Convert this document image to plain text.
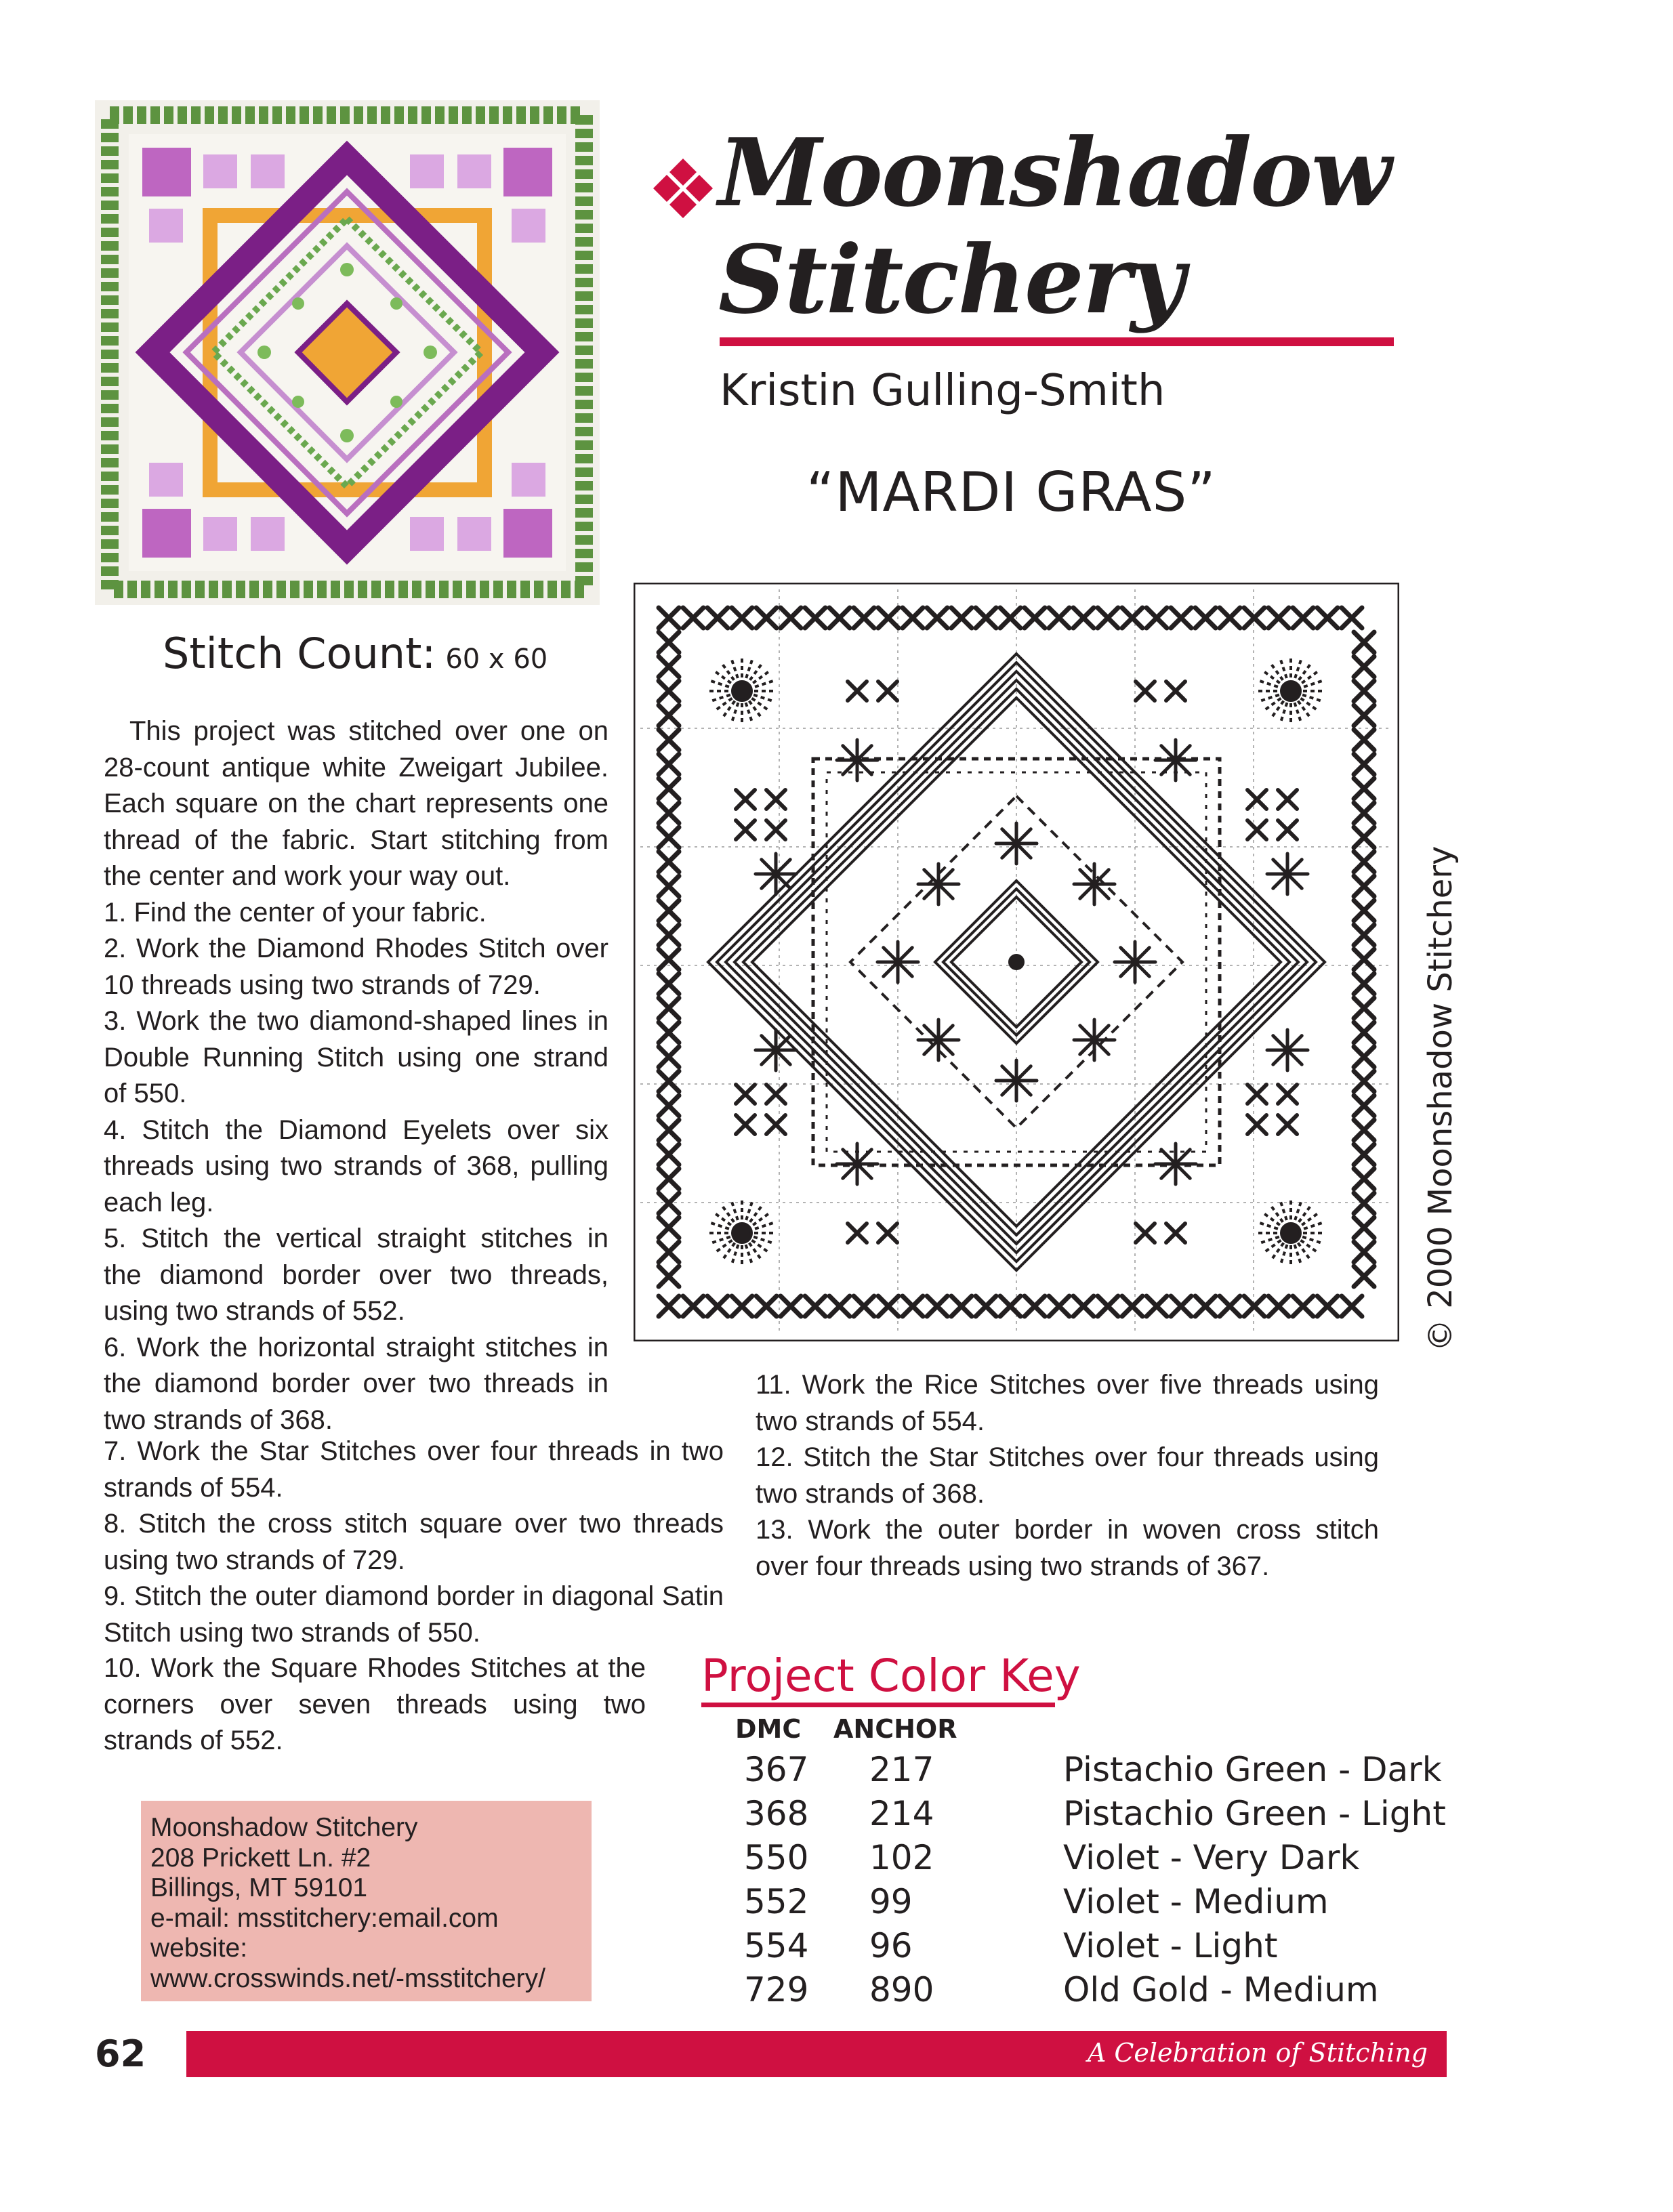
Moonshadow
Stitchery
Kristin Gulling-Smith
“MARDI GRAS”
Stitch Count: 60 x 60

This project was stitched over one on 28-count antique white Zweigart Jubilee. Each square on the chart represents one thread of the fabric. Start stitching from the center and work your way out.

1. Find the center of your fabric.

2. Work the Diamond Rhodes Stitch over 10 threads using two strands of 729.

3. Work the two diamond-shaped lines in Double Running Stitch using one strand of 550.

4. Stitch the Diamond Eyelets over six threads using two strands of 368, pulling each leg.

5. Stitch the vertical straight stitches in the diamond border over two threads, using two strands of 552.

6. Work the horizontal straight stitches in the diamond border over two threads in two strands of 368.

7. Work the Star Stitches over four threads in two strands of 554.

8. Stitch the cross stitch square over two threads using two strands of 729.

9. Stitch the outer diamond border in diagonal Satin Stitch using two strands of 550.

10. Work the Square Rhodes Stitches at the corners over seven threads using two strands of 552.

11. Work the Rice Stitches over five threads using two strands of 554.

12. Stitch the Star Stitches over four threads using two strands of 368.

13. Work the outer border in woven cross stitch over four threads using two strands of 367.

© 2000 Moonshadow Stitchery
Project Color Key
DMC ANCHOR
367 217	Pistachio Green - Dark
368 214	Pistachio Green - Light
550 102	Violet - Very Dark
552 99	Violet - Medium
554 96	Violet - Light
729 890	Old Gold - Medium
Moonshadow Stitchery
208 Prickett Ln. #2
Billings, MT 59101
e-mail: msstitchery:email.com
website:
www.crosswinds.net/-msstitchery/
62	A Celebration of Stitching
